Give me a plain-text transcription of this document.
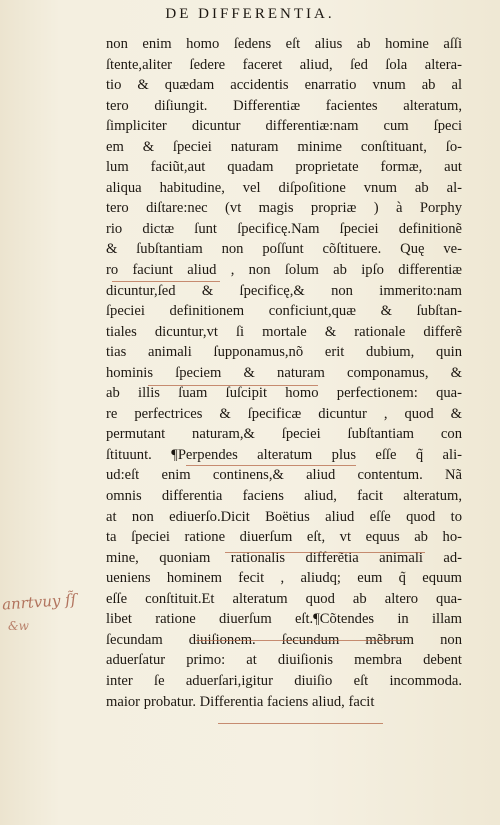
DE DIFFERENTIA.
non enim homo ſedens eſt alius ab homine aſſi
ſtente,aliter ſedere faceret aliud, ſed ſola altera-
tio & quædam accidentis enarratio vnum ab al
tero diſiungit. Differentiæ facientes alteratum,
ſimpliciter dicuntur differentiæ:nam cum ſpeci
em & ſpeciei naturam minime conſtituant, ſo-
lum faciũt,aut quadam proprietate formæ, aut
aliqua habitudine, vel diſpoſitione vnum ab al-
tero diſtare:nec (vt magis propriæ ) à Porphy
rio dictæ ſunt ſpecificę.Nam ſpeciei definitionẽ
& ſubſtantiam non poſſunt cõſtituere. Quę ve-
ro faciunt aliud , non ſolum ab ipſo differentiæ
dicuntur,ſed & ſpecificę,& non immerito:nam
ſpeciei definitionem conficiunt,quæ & ſubſtan-
tiales dicuntur,vt ſi mortale & rationale differẽ
tias animali ſupponamus,nõ erit dubium, quin
hominis ſpeciem & naturam componamus, &
ab illis ſuam ſuſcipit homo perfectionem: qua-
re perfectrices & ſpecificæ dicuntur , quod &
permutant naturam,& ſpeciei ſubſtantiam con
ſtituunt. ¶Perpendes alteratum plus eſſe q̃ ali-
ud:eſt enim continens,& aliud contentum. Nã
omnis differentia faciens aliud, facit alteratum,
at non ediuerſo.Dicit Boëtius aliud eſſe quod to
ta ſpeciei ratione diuerſum eſt, vt equus ab ho-
mine, quoniam rationalis differẽtia animali ad-
ueniens hominem fecit , aliudq; eum q̃ equum
eſſe conſtituit.Et alteratum quod ab altero qua-
libet ratione diuerſum eſt.¶Cõtendes in illam
ſecundam diuiſionem. ſecundum mẽbrum non
aduerſatur primo: at diuiſionis membra debent
inter ſe aduerſari,igitur diuiſio eſt incommoda.
maior probatur. Differentia faciens aliud, facit
anrtvuy ſ̃ſ
&w
